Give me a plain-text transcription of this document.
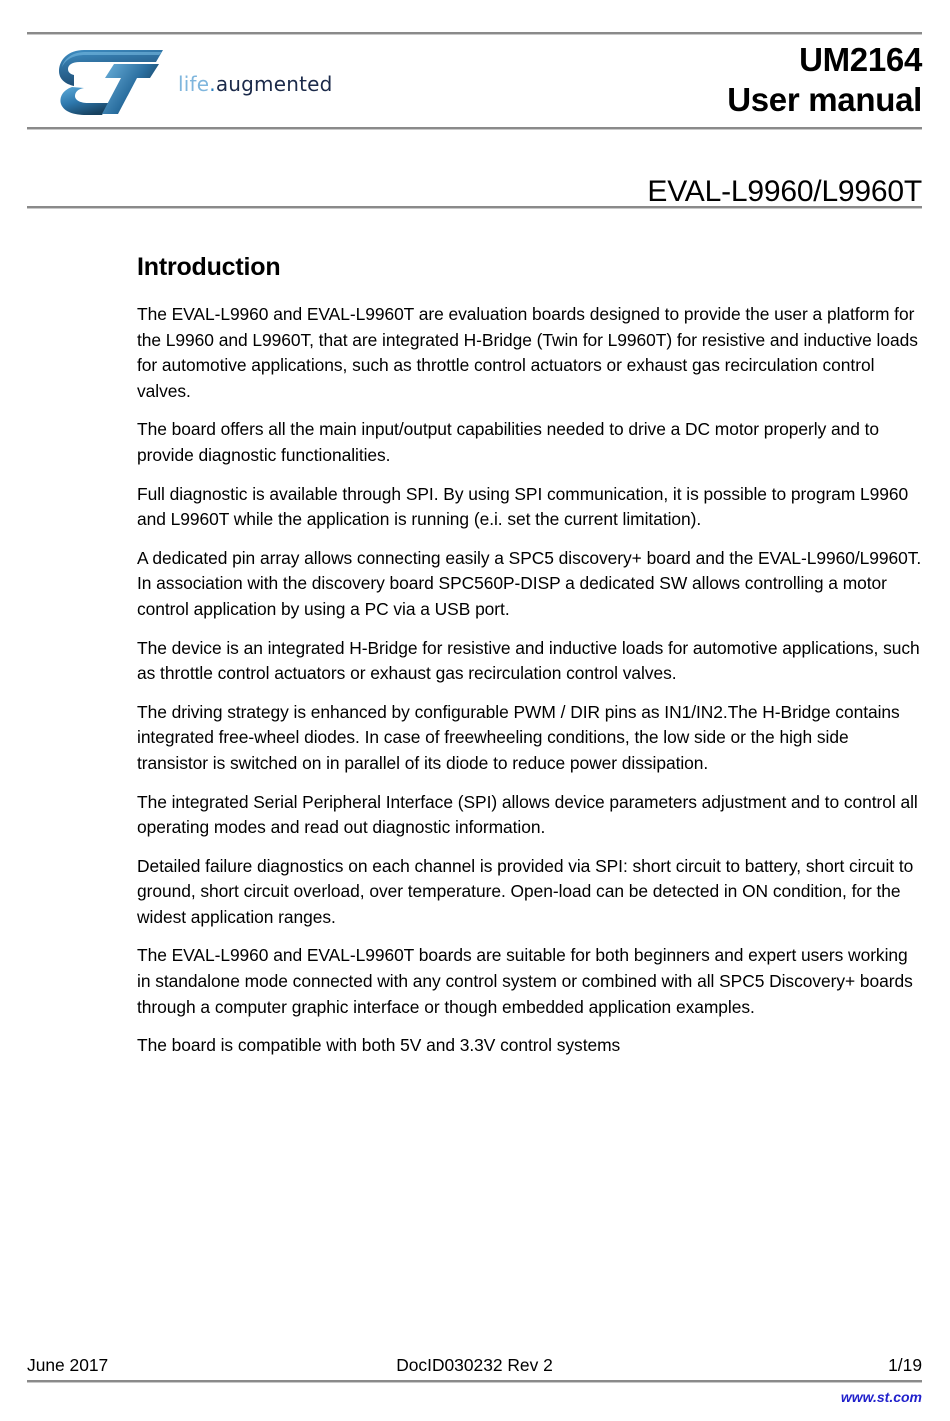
life.augmented
UM2164
User manual
EVAL-L9960/L9960T
Introduction

The EVAL-L9960 and EVAL-L9960T are evaluation boards designed to provide the user a platform for the L9960 and L9960T, that are integrated H-Bridge (Twin for L9960T) for resistive and inductive loads for automotive applications, such as throttle control actuators or exhaust gas recirculation control valves.

The board offers all the main input/output capabilities needed to drive a DC motor properly and to provide diagnostic functionalities.

Full diagnostic is available through SPI. By using SPI communication, it is possible to program L9960 and L9960T while the application is running (e.i. set the current limitation).

A dedicated pin array allows connecting easily a SPC5 discovery+ board and the EVAL-L9960/L9960T. In association with the discovery board SPC560P-DISP a dedicated SW allows controlling a motor control application by using a PC via a USB port.

The device is an integrated H-Bridge for resistive and inductive loads for automotive applications, such as throttle control actuators or exhaust gas recirculation control valves.

The driving strategy is enhanced by configurable PWM / DIR pins as IN1/IN2.The H-Bridge contains integrated free-wheel diodes. In case of freewheeling conditions, the low side or the high side transistor is switched on in parallel of its diode to reduce power dissipation.

The integrated Serial Peripheral Interface (SPI) allows device parameters adjustment and to control all operating modes and read out diagnostic information.

Detailed failure diagnostics on each channel is provided via SPI: short circuit to battery, short circuit to ground, short circuit overload, over temperature. Open-load can be detected in ON condition, for the widest application ranges.

The EVAL-L9960 and EVAL-L9960T boards are suitable for both beginners and expert users working in standalone mode connected with any control system or combined with all SPC5 Discovery+ boards through a computer graphic interface or though embedded application examples.

The board is compatible with both 5V and 3.3V control systems

June 2017	DocID030232 Rev 2	1/19
www.st.com
